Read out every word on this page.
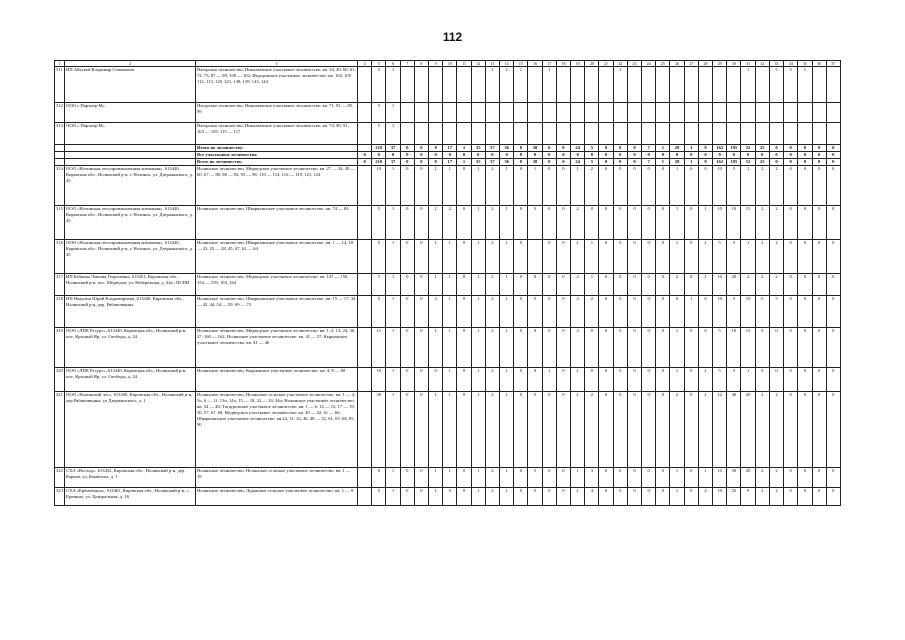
112
1	2	3	4	5	6	7	8	9	10	11	12	13	14	15	16	17	18	19	20	21	22	23	24	25	26	27	28	29	30	31	32	33	34	35	36	37	
311	ИП Айтуков Владимир Семенович	Нагорское лесничество, Николаевское участковое лесничество: кв. 34, 49, 60, 61, 72, 73, 87 — 89, 100 — 102; Федоровское участковое лесничество: кв. 104, 105 112, 113, 120, 121, 138, 139, 143, 144		5	1							1	2	1		1					1									1		5	5	1					
312	ООО « Партнер-М»	Нагорское лесничество, Николаевское участковое лесничество: кв. 71, 81 — 85, 99		5	1																																		
313	ООО « Партнер-М»	Нагорское лесничество, Николаевское участковое лесничество: кв. 74, 90, 91, 103 — 105, 115 — 117		5	1																																		
		Итого по лесничеству:		210	37	0	0	8	17	1	35	57	36	0	38	0	0	24	5	0	0	0	7	1	28	1	8	162	195	52	25	0	0	0	0	0			
		Все участковые лесничества	0	0	0	0	0	0	0	0	0	0	0	0	0	0	0	0	0	0	0	0	0	0	0	0	0	0	0	0	0	0	0	0	0	0			
		Всего по лесничеству:	0	210	37	0	0	8	17	1	35	57	36	0	38	0	0	24	5	0	0	0	7	1	28	1	8	162	195	52	25	0	0	0	0	0			
314	ООО «Нолинская лесопромышленная компания», 613440, Кировская обл., Нолинский р-н, г. Нолинск, ул. Дзержинского, д. 45	Нолинское лесничество, Медведское участковое лесничество: кв. 27 — 34, 49 — 60, 67 — 80, 88 — 92, 95 — 98, 110 — 114, 116 — 119, 121, 124		10	1	0	0	1	1	0	1	2	1	0	1	0	0	1	2	0	0	0	0	0	1	0	0	10	5	1	2	2	0	0	0	0			
315	ООО «Нолинская лесопромышленная компания», 613440, Кировская обл., Нолинский р-н, г. Нолинск, ул. Дзержинского, д. 45	Нолинское лесничество, Шварихинское участковое лесничество: кв. 74 — 84		5	1	0	0	1	2	0	1	2	1	0	5	0	0	2	0	0	0	0	0	0	1	0	1	10	10	15	2	2	0	0	0	0			
316	ООО «Нолинская лесопромышленная компания», 613440, Кировская обл., Нолинский р-н, г. Нолинск, ул. Дзержинского, д. 45	Нолинское лесничество, Шварихинское участковое лесничество: кв. 1 — 14, 18 — 23, 25 — 28, 45, 47, 62 — 64		5	1	0	0	1	1	0	1	2	1	0		0	0	1	1	0	0	0	0	0	1	0	1	5	5	1	2	2	0	0	0	0			
317	ИП Бабкина Эмилия Георгиевна, 613451, Кировская обл., Нолинский р-н, пос. Медведок, ул. Набережная, д. 32а.; ПСПИ	Нолинское лесничество, Медведское участковое лесничество: кв. 147 — 150, 154 — 159, 163, 164		5	1	0	0	1	1	0	1	2	1	0	0	0	0	2	1	0	0	0	0	0	2	0	1	10	20	2	2	2	0	0	0	0			
318	ИП Никулин Юрий Владимирович, 613440, Кировская обл., Нолинский р-н, дер. Рябиновщина	Нолинское лесничество, Шварихинское участковое лесничество: кв. 15 — 17, 34 — 42, 44, 54 — 59, 69 — 73		5	1	0	0	2	1	0	1	2	1	0	5	0	0	2	2	0	0	0	0	0	0	1	0	10	5	10	5	5	0	0	0	0			
319	ООО «ЛПК Ресурс», 613440, Кировская обл., Нолинский р-н, пос. Красный Яр, ул. Свободы, д. 24	Нолинское лесничество, Медведское участковое лесничество: кв. 1, 2, 13, 24, 36, 37, 160 — 162; Нолинское участковое лесничество: кв. 41 — 57, Кырчанское участковое лесничество: кв. 41 — 46		11	1	0	0	1	1	0	1	2	1	0	0	0	0	2	0	0	0	0	0	0	1	0	0	5	10	15	0	0	0	0	0	0			
320	ООО «ЛПК Ресурс», 613440, Кировская обл., Нолинский р-н, пос. Красный Яр, ул. Свободы, д. 24	Нолинское лесничество, Кырчанское участковое лесничество: кв. 4, 8 — 60		10	1	0	0	0	1	0	1	2	1	0	0	1	0	1	0	0	0	0	0	0	1	0	1	5	5	1	0	0	0	0	0	0			
321	ООО «Нолинский лес», 613440, Кировская обл., Нолинский р-н, дер Рябиновщина, ул Дзержинского, д. 1	Нолинское лесничество, Нолинское сельское участковое лесничество: кв. 1 — 4, 5ч, 6 — 11, 13ч, 14ч, 15 — 18, 22 — 33, 34ч; Нолинское участковое лесничество: кв. 34 — 40; Татауровское участковое лесничество: кв. 1 — 6, 12 — 15, 17 — 19, 30, 57, 67, 68, Медведское участковое лесничество: кв. 40 — 42, 61 — 66, Шварихинское участковое лесничество: кв 24, 31, 33, 46, 48 — 52, 61, 65, 68, 85, 90		30	1	0	0	1	1	0	1	2	1	0	5	0	0	1	2	0	0	0	0	0	2	0	1	12	40	20	2	2	0	0	0	0			
322	СХА «Восход», 613452, Кировская обл., Нолинский р-н, дер. Карачи, ул. Конвеллы, д. 1	Нолинское лесничество, Нолинское сельское участковое лесничество: кв. 1 — 19		8	1	0	0	1	1	0	1	2	1	0	5	0	0	1	3	0	0	0	0	0	1	0	1	10	30	20	2	2	0	0	0	0			
323	СХА «Ерёмченята», 613461, Кировская обл., Нолинский р-н, с. Еремино, ул. Центральная, д. 16	Нолинское лесничество, Лудянское сельское участковое лесничество: кв. 1 — 9		5	1	0	0	1	0	0	1	2	1	0	5	0	0	1	4	0	0	0	0	0	1	0	2	10	25	9	2	2	0	0	0	0			
